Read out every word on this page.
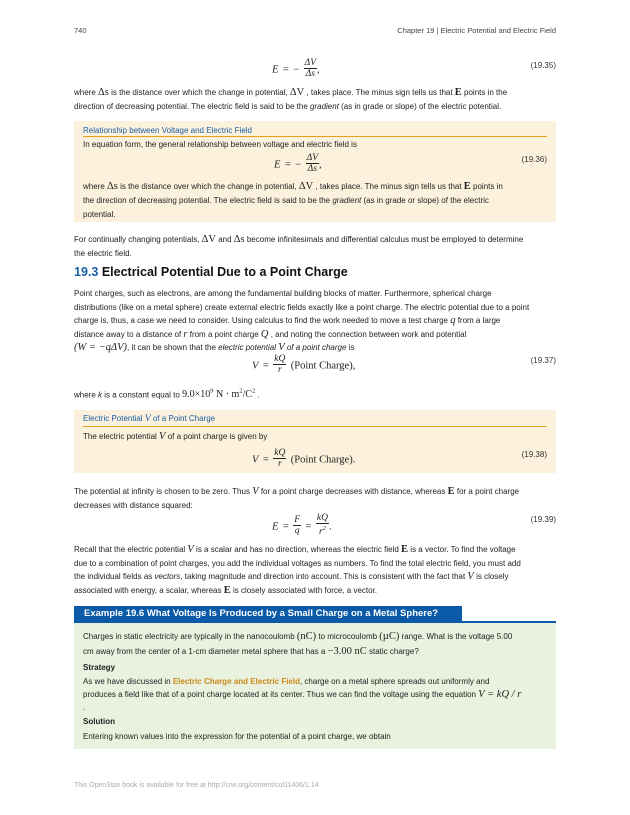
740	Chapter 19 | Electric Potential and Electric Field
E = − $\frac{\Delta V}{\Delta s}$ ,	(19.35)
where Δs is the distance over which the change in potential, ΔV , takes place. The minus sign tells us that E points in the
direction of decreasing potential. The electric field is said to be the gradient (as in grade or slope) of the electric potential.
Relationship between Voltage and Electric Field
In equation form, the general relationship between voltage and electric field is
E = − $\frac{\Delta V}{\Delta s}$ ,
(19.36)
where Δs is the distance over which the change in potential, ΔV , takes place. The minus sign tells us that E points in
the direction of decreasing potential. The electric field is said to be the gradient (as in grade or slope) of the electric
potential.
For continually changing potentials, ΔV and Δs become infinitesimals and differential calculus must be employed to determine
the electric field.
19.3 Electrical Potential Due to a Point Charge
Point charges, such as electrons, are among the fundamental building blocks of matter. Furthermore, spherical charge
distributions (like on a metal sphere) create external electric fields exactly like a point charge. The electric potential due to a point
charge is, thus, a case we need to consider. Using calculus to find the work needed to move a test charge q from a large
distance away to a distance of r from a point charge Q , and noting the connection between work and potential
(W = −qΔV), it can be shown that the electric potential V of a point charge is
$V = \frac{kQ}{r}$ (Point Charge),
(19.37)
where k is a constant equal to $9.0\times 10^9$ $N \cdot m^2/C^2$ .
Electric Potential V of a Point Charge
The electric potential V of a point charge is given by
$V = \frac{kQ}{r}$ (Point Charge).
(19.38)
The potential at infinity is chosen to be zero. Thus V for a point charge decreases with distance, whereas E for a point charge
decreases with distance squared:
$E = \frac{F}{q} = \frac{kQ}{r^2}$ .
(19.39)
Recall that the electric potential V is a scalar and has no direction, whereas the electric field E is a vector. To find the voltage
due to a combination of point charges, you add the individual voltages as numbers. To find the total electric field, you must add
the individual fields as vectors, taking magnitude and direction into account. This is consistent with the fact that V is closely
associated with energy, a scalar, whereas E is closely associated with force, a vector.
Example 19.6 What Voltage Is Produced by a Small Charge on a Metal Sphere?
Charges in static electricity are typically in the nanocoulomb (nC) to microcoulomb (µC) range. What is the voltage 5.00
cm away from the center of a 1-cm diameter metal sphere that has a −3.00 nC static charge?
Strategy
As we have discussed in Electric Charge and Electric Field, charge on a metal sphere spreads out uniformly and
produces a field like that of a point charge located at its center. Thus we can find the voltage using the equation V = kQ / r
.
Solution
Entering known values into the expression for the potential of a point charge, we obtain
This OpenStax book is available for free at http://cnx.org/content/col11406/1.14
